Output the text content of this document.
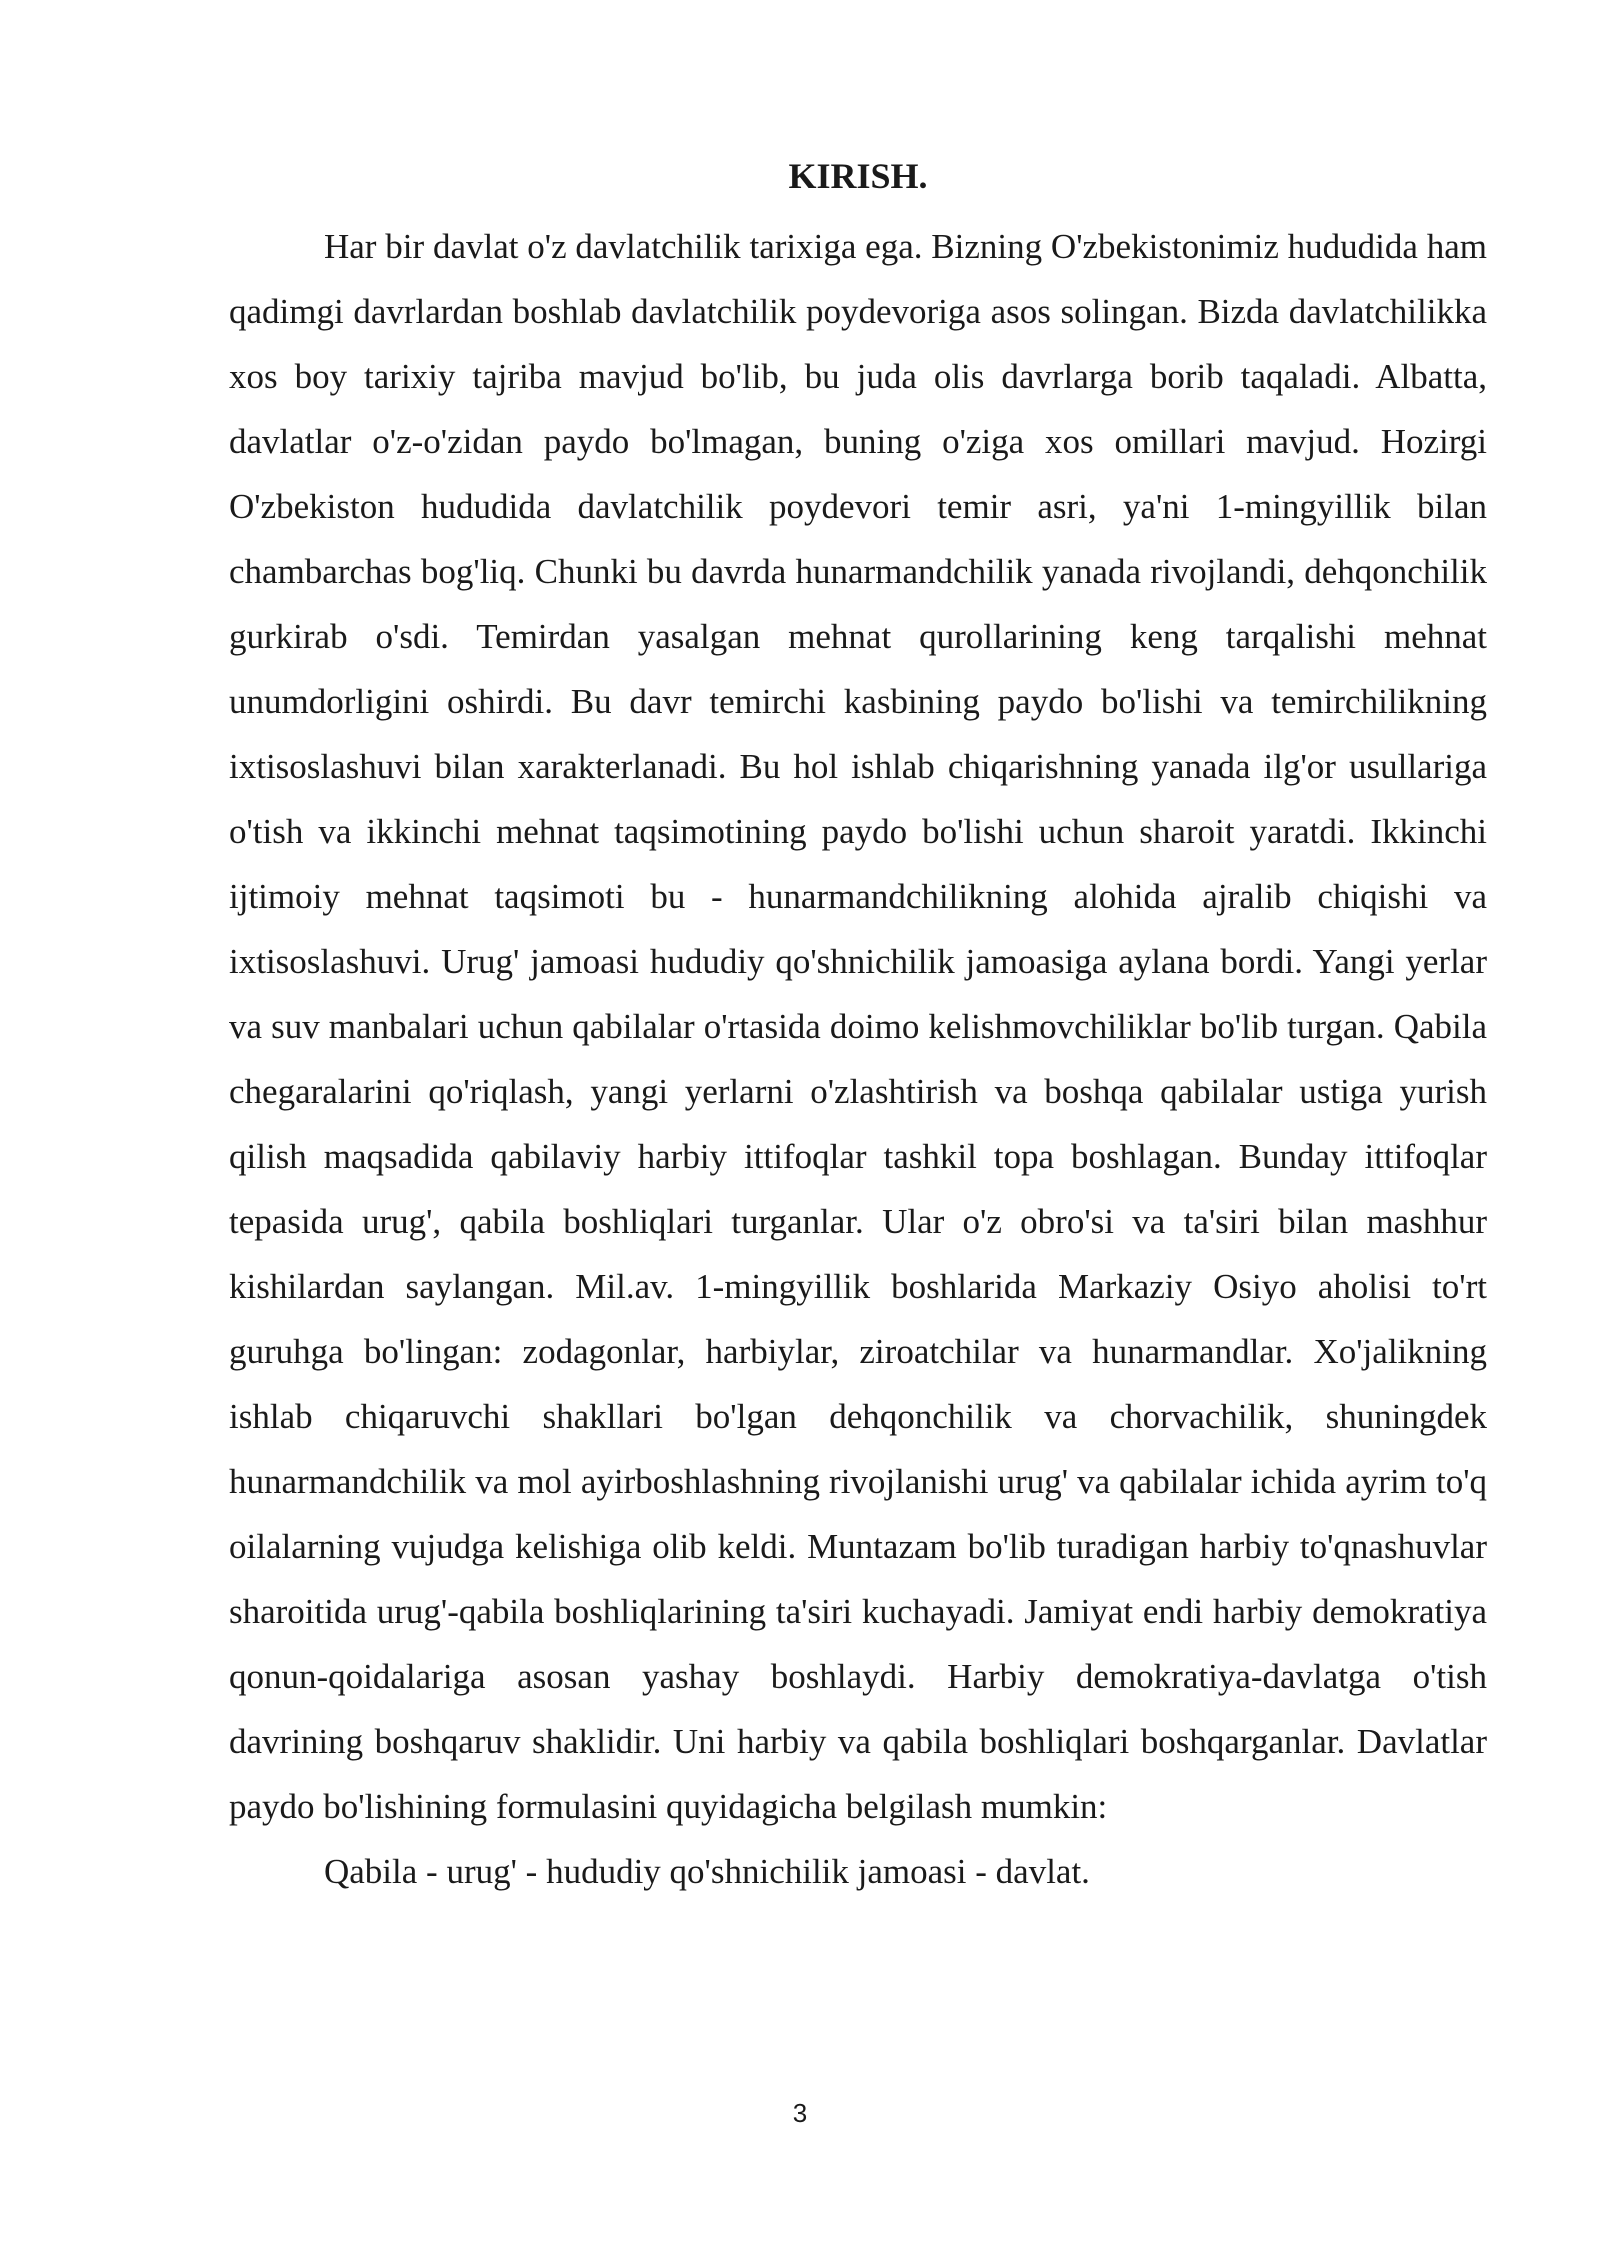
KIRISH.

Har bir davlat o'z davlatchilik tarixiga ega. Bizning O'zbekistonimiz hududida ham qadimgi davrlardan boshlab davlatchilik poydevoriga asos solingan. Bizda davlatchilikka xos boy tarixiy tajriba mavjud bo'lib, bu juda olis davrlarga borib taqaladi. Albatta, davlatlar o'z-o'zidan paydo bo'lmagan, buning o'ziga xos omillari mavjud. Hozirgi O'zbekiston hududida davlatchilik poydevori temir asri, ya'ni 1-mingyillik bilan chambarchas bog'liq. Chunki bu davrda hunarmandchilik yanada rivojlandi, dehqonchilik gurkirab o'sdi. Temirdan yasalgan mehnat qurollarining keng tarqalishi mehnat unumdorligini oshirdi. Bu davr temirchi kasbining paydo bo'lishi va temirchilikning ixtisoslashuvi bilan xarakterlanadi. Bu hol ishlab chiqarishning yanada ilg'or usullariga o'tish va ikkinchi mehnat taqsimotining paydo bo'lishi uchun sharoit yaratdi. Ikkinchi ijtimoiy mehnat taqsimoti bu - hunarmandchilikning alohida ajralib chiqishi va ixtisoslashuvi. Urug' jamoasi hududiy qo'shnichilik jamoasiga aylana bordi. Yangi yerlar va suv manbalari uchun qabilalar o'rtasida doimo kelishmovchiliklar bo'lib turgan. Qabila chegaralarini qo'riqlash, yangi yerlarni o'zlashtirish va boshqa qabilalar ustiga yurish qilish maqsadida qabilaviy harbiy ittifoqlar tashkil topa boshlagan. Bunday ittifoqlar tepasida urug', qabila boshliqlari turganlar. Ular o'z obro'si va ta'siri bilan mashhur kishilardan saylangan. Mil.av. 1-mingyillik boshlarida Markaziy Osiyo aholisi to'rt guruhga bo'lingan: zodagonlar, harbiylar, ziroatchilar va hunarmandlar. Xo'jalikning ishlab chiqaruvchi shakllari bo'lgan dehqonchilik va chorvachilik, shuningdek hunarmandchilik va mol ayirboshlashning rivojlanishi urug' va qabilalar ichida ayrim to'q oilalarning vujudga kelishiga olib keldi. Muntazam bo'lib turadigan harbiy to'qnashuvlar sharoitida urug'-qabila boshliqlarining ta'siri kuchayadi. Jamiyat endi harbiy demokratiya qonun-qoidalariga asosan yashay boshlaydi. Harbiy demokratiya-davlatga o'tish davrining boshqaruv shaklidir. Uni harbiy va qabila boshliqlari boshqarganlar. Davlatlar paydo bo'lishining formulasini quyidagicha belgilash mumkin:

Qabila - urug' - hududiy qo'shnichilik jamoasi - davlat.

3
